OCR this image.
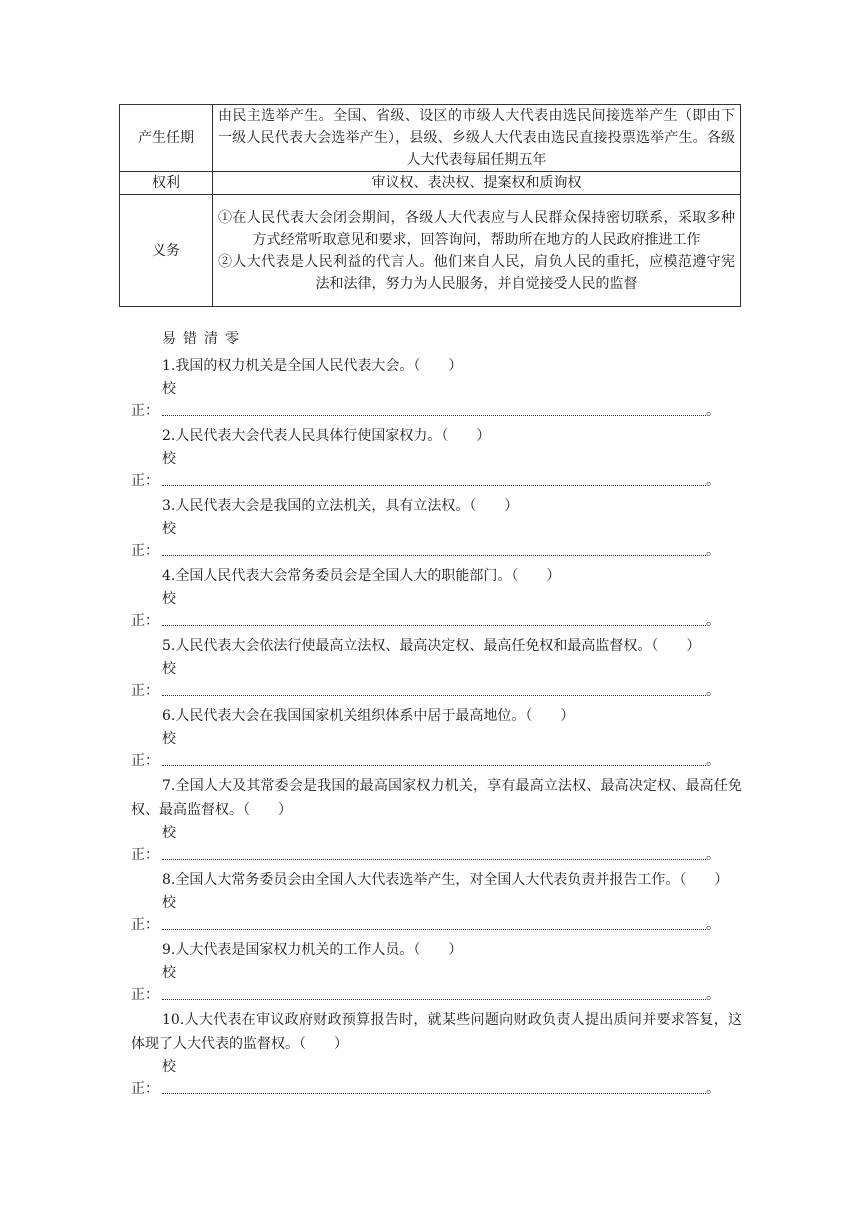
产生任期	由民主选举产生。全国、省级、设区的市级人大代表由选民间接选举产生（即由下一级人民代表大会选举产生），县级、乡级人大代表由选民直接投票选举产生。各级人大代表每届任期五年
权利	审议权、表决权、提案权和质询权
义务	①在人民代表大会闭会期间，各级人大代表应与人民群众保持密切联系，采取多种方式经常听取意见和要求，回答询问，帮助所在地方的人民政府推进工作
②人大代表是人民利益的代言人。他们来自人民，肩负人民的重托，应模范遵守宪法和法律，努力为人民服务，并自觉接受人民的监督
易错清零
1.我国的权力机关是全国人民代表大会。（　　）
校
正：	。
2.人民代表大会代表人民具体行使国家权力。（　　）
校
正：	。
3.人民代表大会是我国的立法机关，具有立法权。（　　）
校
正：	。
4.全国人民代表大会常务委员会是全国人大的职能部门。（　　）
校
正：	。
5.人民代表大会依法行使最高立法权、最高决定权、最高任免权和最高监督权。（　　）
校
正：	。
6.人民代表大会在我国国家机关组织体系中居于最高地位。（　　）
校
正：	。
7.全国人大及其常委会是我国的最高国家权力机关，享有最高立法权、最高决定权、最高任免权、最高监督权。（　　）
校
正：	。
8.全国人大常务委员会由全国人大代表选举产生，对全国人大代表负责并报告工作。（　　）
校
正：	。
9.人大代表是国家权力机关的工作人员。（　　）
校
正：	。
10.人大代表在审议政府财政预算报告时，就某些问题向财政负责人提出质问并要求答复，这体现了人大代表的监督权。（　　）
校
正：	。
